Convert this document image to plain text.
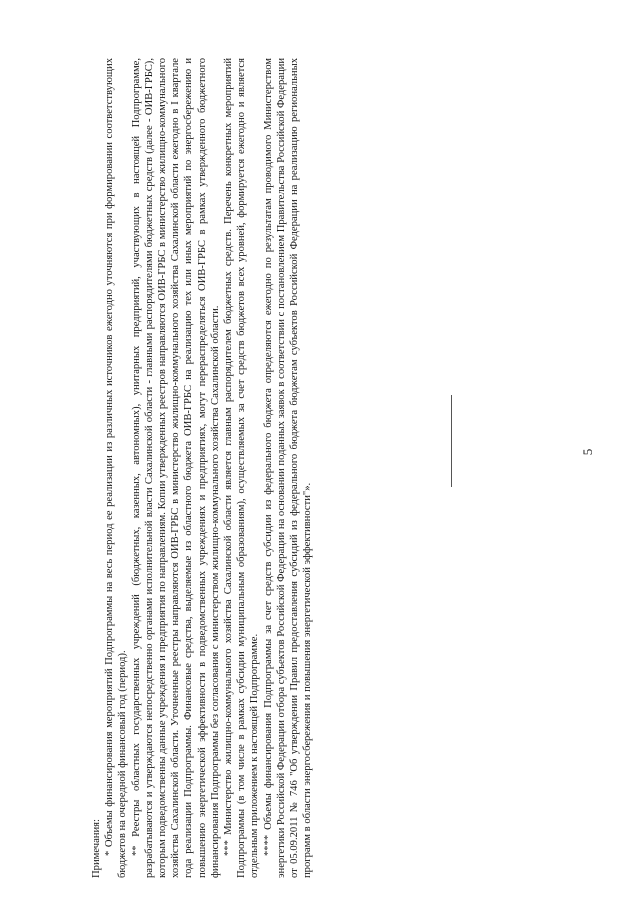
5

Примечания: * Объемы финансирования мероприятий Подпрограммы на весь период ее реализации из различных источников ежегодно уточняются при формировании соответствующих бюджетов на очередной финансовый год (период). ** Реестры областных государственных учреждений (бюджетных, казенных, автономных), унитарных предприятий, участвующих в настоящей Подпрограмме, разрабатываются и утверждаются непосредственно органами исполнительной власти Сахалинской области - главными распорядителями бюджетных средств (далее - ОИВ-ГРБС), которым подведомственны данные учреждения и предприятия по направлениям. Копии утвержденных реестров направляются ОИВ-ГРБС в министерство жилищно-коммунального хозяйства Сахалинской области. Уточненные реестры направляются ОИВ-ГРБС в министерство жилищно-коммунального хозяйства Сахалинской области ежегодно в I квартале года реализации Подпрограммы. Финансовые средства, выделяемые из областного бюджета ОИВ-ГРБС на реализацию тех или иных мероприятий по энергосбережению и повышению энергетической эффективности в подведомственных учреждениях и предприятиях, могут перераспределяться ОИВ-ГРБС в рамках утвержденного бюджетного финансирования Подпрограммы без согласования с министерством жилищно-коммунального хозяйства Сахалинской области. *** Министерство жилищно-коммунального хозяйства Сахалинской области является главным распорядителем бюджетных средств. Перечень конкретных мероприятий Подпрограммы (в том числе в рамках субсидии муниципальным образованиям), осуществляемых за счет средств бюджетов всех уровней, формируется ежегодно и является отдельным приложением к настоящей Подпрограмме. **** Объемы финансирования Подпрограммы за счет средств субсидии из федерального бюджета определяются ежегодно по результатам проводимого Министерством энергетики Российской Федерации отбора субъектов Российской Федерации на основании поданных заявок в соответствии с постановлением Правительства Российской Федерации от 05.09.2011 № 746 "Об утверждении Правил предоставления субсидий из федерального бюджета бюджетам субъектов Российской Федерации на реализацию региональных программ в области энергосбережения и повышения энергетической эффективности"».
